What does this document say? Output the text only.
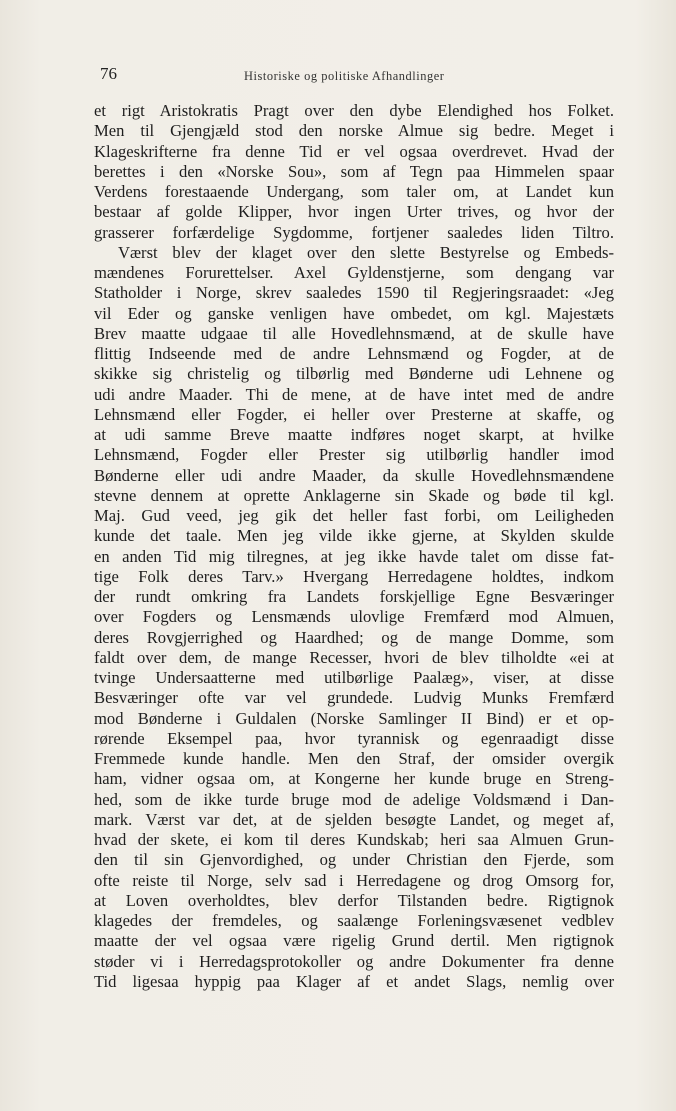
76	Historiske og politiske Afhandlinger
et rigt Aristokratis Pragt over den dybe Elendighed hos Folket.
Men til Gjengjæld stod den norske Almue sig bedre. Meget i
Klageskrifterne fra denne Tid er vel ogsaa overdrevet. Hvad der
berettes i den «Norske Sou», som af Tegn paa Himmelen spaar
Verdens forestaaende Undergang, som taler om, at Landet kun
bestaar af golde Klipper, hvor ingen Urter trives, og hvor der
grasserer forfærdelige Sygdomme, fortjener saaledes liden Tiltro.
Værst blev der klaget over den slette Bestyrelse og Embeds-
mændenes Forurettelser. Axel Gyldenstjerne, som dengang var
Statholder i Norge, skrev saaledes 1590 til Regjeringsraadet: «Jeg
vil Eder og ganske venligen have ombedet, om kgl. Majestæts
Brev maatte udgaae til alle Hovedlehnsmænd, at de skulle have
flittig Indseende med de andre Lehnsmænd og Fogder, at de
skikke sig christelig og tilbørlig med Bønderne udi Lehnene og
udi andre Maader. Thi de mene, at de have intet med de andre
Lehnsmænd eller Fogder, ei heller over Presterne at skaffe, og
at udi samme Breve maatte indføres noget skarpt, at hvilke
Lehnsmænd, Fogder eller Prester sig utilbørlig handler imod
Bønderne eller udi andre Maader, da skulle Hovedlehnsmændene
stevne dennem at oprette Anklagerne sin Skade og bøde til kgl.
Maj. Gud veed, jeg gik det heller fast forbi, om Leiligheden
kunde det taale. Men jeg vilde ikke gjerne, at Skylden skulde
en anden Tid mig tilregnes, at jeg ikke havde talet om disse fat-
tige Folk deres Tarv.» Hvergang Herredagene holdtes, indkom
der rundt omkring fra Landets forskjellige Egne Besværinger
over Fogders og Lensmænds ulovlige Fremfærd mod Almuen,
deres Rovgjerrighed og Haardhed; og de mange Domme, som
faldt over dem, de mange Recesser, hvori de blev tilholdte «ei at
tvinge Undersaatterne med utilbørlige Paalæg», viser, at disse
Besværinger ofte var vel grundede. Ludvig Munks Fremfærd
mod Bønderne i Guldalen (Norske Samlinger II Bind) er et op-
rørende Eksempel paa, hvor tyrannisk og egenraadigt disse
Fremmede kunde handle. Men den Straf, der omsider overgik
ham, vidner ogsaa om, at Kongerne her kunde bruge en Streng-
hed, som de ikke turde bruge mod de adelige Voldsmænd i Dan-
mark. Værst var det, at de sjelden besøgte Landet, og meget af,
hvad der skete, ei kom til deres Kundskab; heri saa Almuen Grun-
den til sin Gjenvordighed, og under Christian den Fjerde, som
ofte reiste til Norge, selv sad i Herredagene og drog Omsorg for,
at Loven overholdtes, blev derfor Tilstanden bedre. Rigtignok
klagedes der fremdeles, og saalænge Forleningsvæsenet vedblev
maatte der vel ogsaa være rigelig Grund dertil. Men rigtignok
støder vi i Herredagsprotokoller og andre Dokumenter fra denne
Tid ligesaa hyppig paa Klager af et andet Slags, nemlig over
